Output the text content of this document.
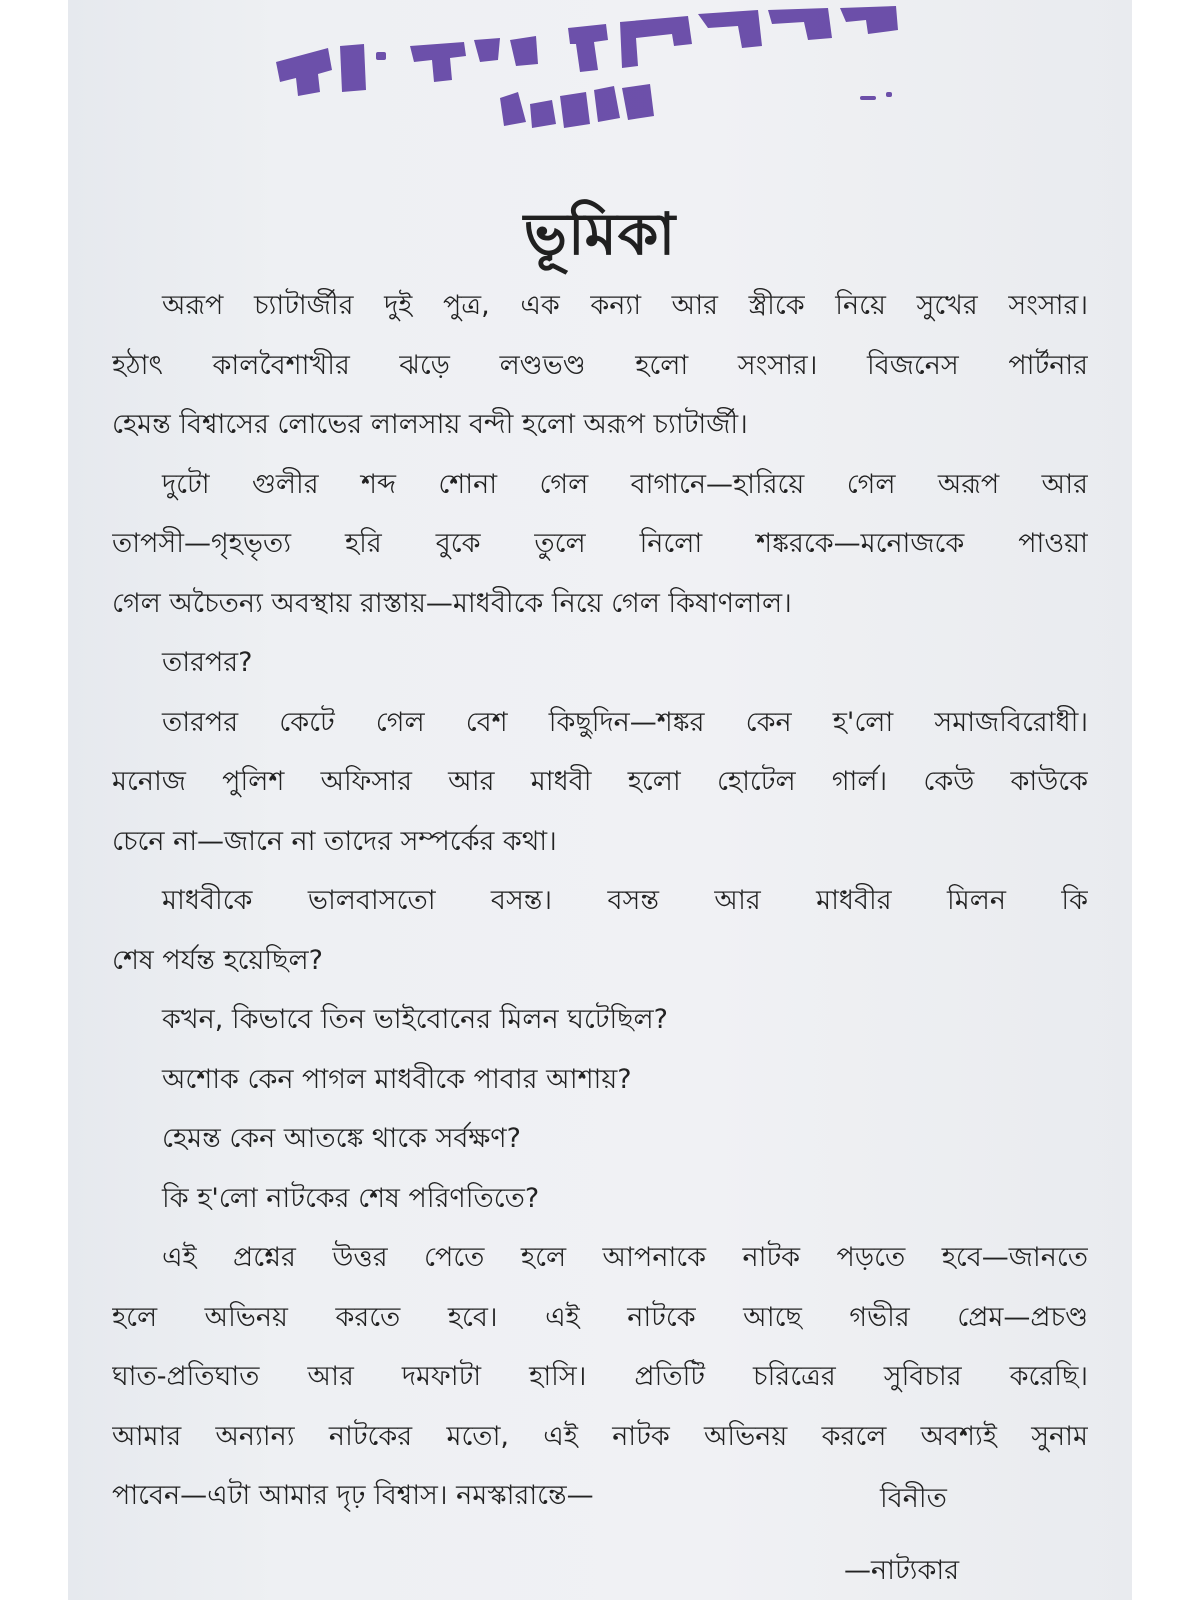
ভূমিকা
অরূপ চ্যাটার্জীর দুই পুত্র, এক কন্যা আর স্ত্রীকে নিয়ে সুখের সংসার।
হঠাৎ কালবৈশাখীর ঝড়ে লণ্ডভণ্ড হলো সংসার। বিজনেস পার্টনার
হেমন্ত বিশ্বাসের লোভের লালসায় বন্দী হলো অরূপ চ্যাটার্জী।
দুটো গুলীর শব্দ শোনা গেল বাগানে—হারিয়ে গেল অরূপ আর
তাপসী—গৃহভৃত্য হরি বুকে তুলে নিলো শঙ্করকে—মনোজকে পাওয়া
গেল অচৈতন্য অবস্থায় রাস্তায়—মাধবীকে নিয়ে গেল কিষাণলাল।
তারপর?
তারপর কেটে গেল বেশ কিছুদিন—শঙ্কর কেন হ'লো সমাজবিরোধী।
মনোজ পুলিশ অফিসার আর মাধবী হলো হোটেল গার্ল। কেউ কাউকে
চেনে না—জানে না তাদের সম্পর্কের কথা।
মাধবীকে ভালবাসতো বসন্ত। বসন্ত আর মাধবীর মিলন কি
শেষ পর্যন্ত হয়েছিল?
কখন, কিভাবে তিন ভাইবোনের মিলন ঘটেছিল?
অশোক কেন পাগল মাধবীকে পাবার আশায়?
হেমন্ত কেন আতঙ্কে থাকে সর্বক্ষণ?
কি হ'লো নাটকের শেষ পরিণতিতে?
এই প্রশ্নের উত্তর পেতে হলে আপনাকে নাটক পড়তে হবে—জানতে
হলে অভিনয় করতে হবে। এই নাটকে আছে গভীর প্রেম—প্রচণ্ড
ঘাত-প্রতিঘাত আর দমফাটা হাসি। প্রতিটি চরিত্রের সুবিচার করেছি।
আমার অন্যান্য নাটকের মতো, এই নাটক অভিনয় করলে অবশ্যই সুনাম
পাবেন—এটা আমার দৃঢ় বিশ্বাস। নমস্কারান্তে—	বিনীত
—নাট্যকার
